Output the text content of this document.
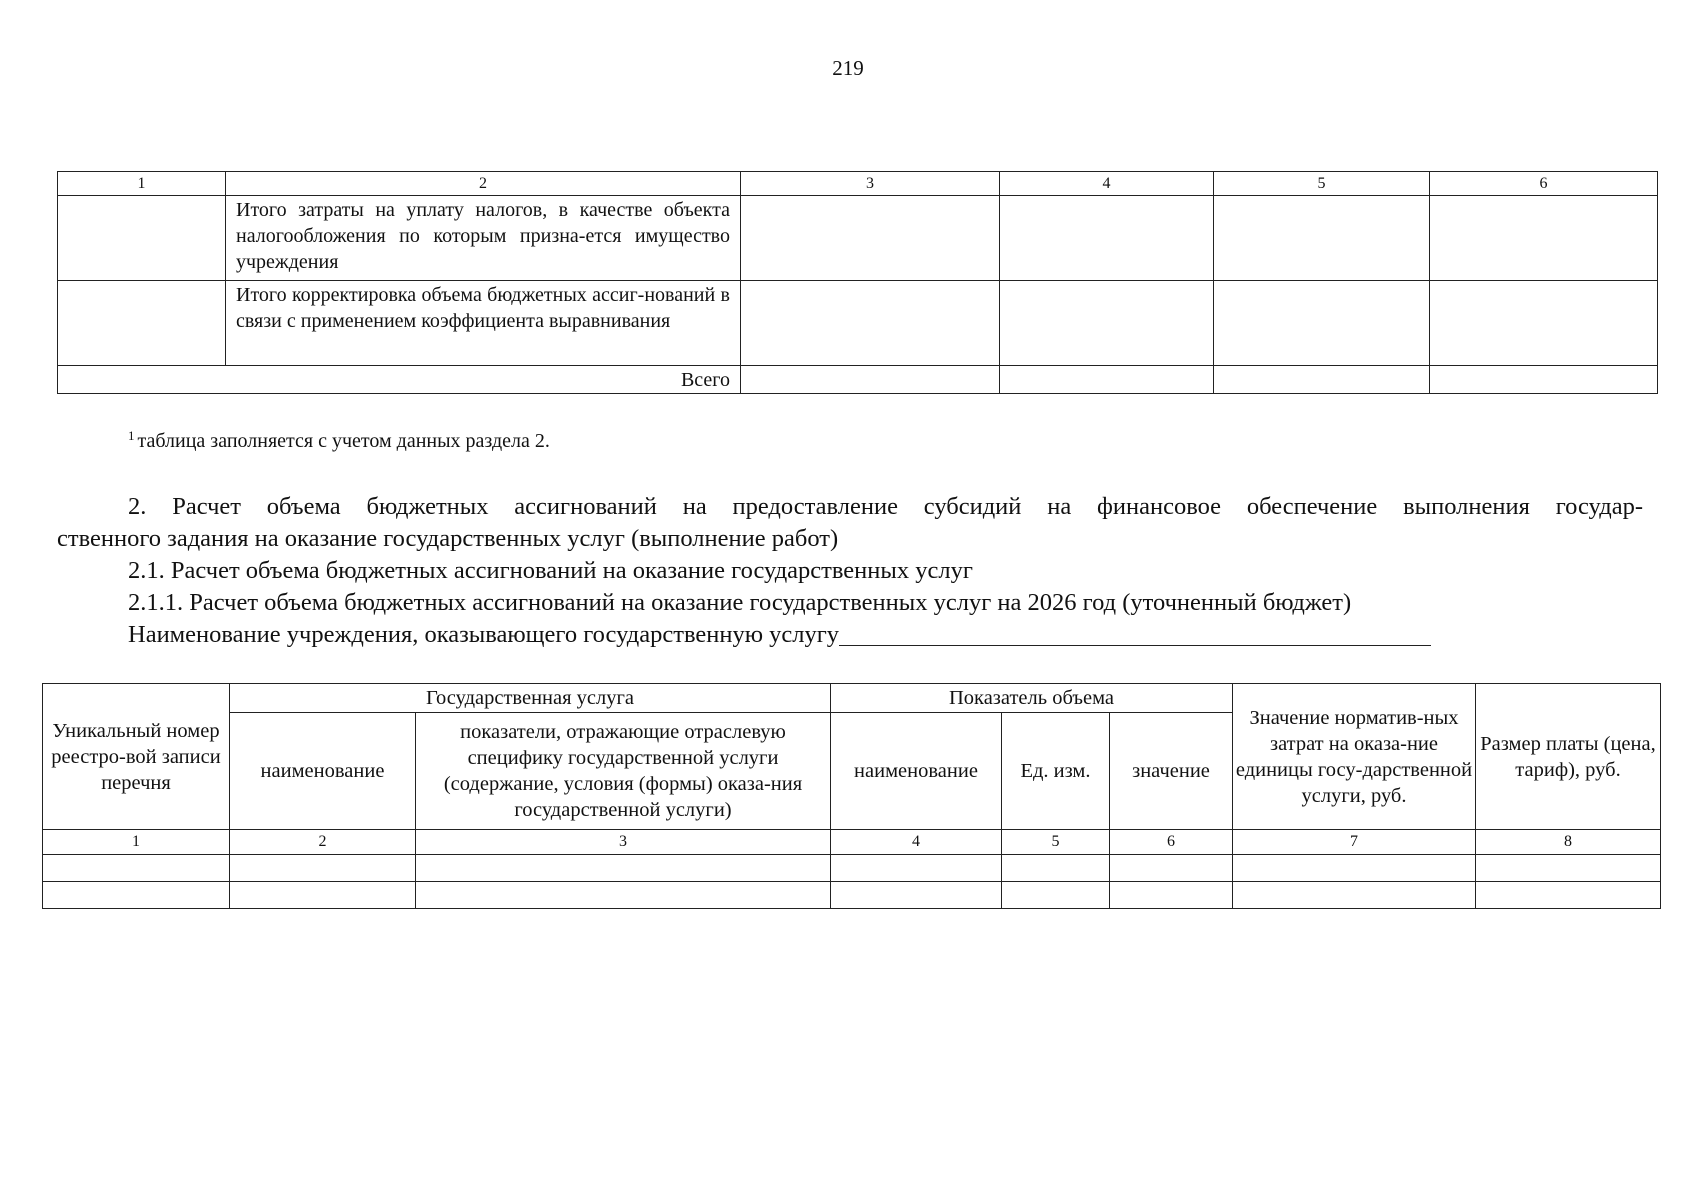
219
1	2	3	4	5	6
	Итого затраты на уплату налогов, в качестве объекта налогообложения по которым призна-ется имущество учреждения				
	Итого корректировка объема бюджетных ассиг-нований в связи с применением коэффициента выравнивания				
Всего					
$^1$ таблица заполняется с учетом данных раздела 2.
2. Расчет объема бюджетных ассигнований на предоставление субсидий на финансовое обеспечение выполнения государ-
ственного задания на оказание государственных услуг (выполнение работ)
2.1. Расчет объема бюджетных ассигнований на оказание государственных услуг
2.1.1. Расчет объема бюджетных ассигнований на оказание государственных услуг на 2026 год (уточненный бюджет)
Наименование учреждения, оказывающего государственную услугу
Уникальный номер реестро-вой записи перечня	Государственная услуга		Показатель объема			Значение норматив-ных затрат на оказа-ние единицы госу-дарственной услуги, руб.	Размер платы (цена, тариф), руб.
	наименование	показатели, отражающие отраслевую специфику государственной услуги (содержание, условия (формы) оказа-ния государственной услуги)	наименование	Ед. изм.	значение		
1	2	3	4	5	6	7	8
